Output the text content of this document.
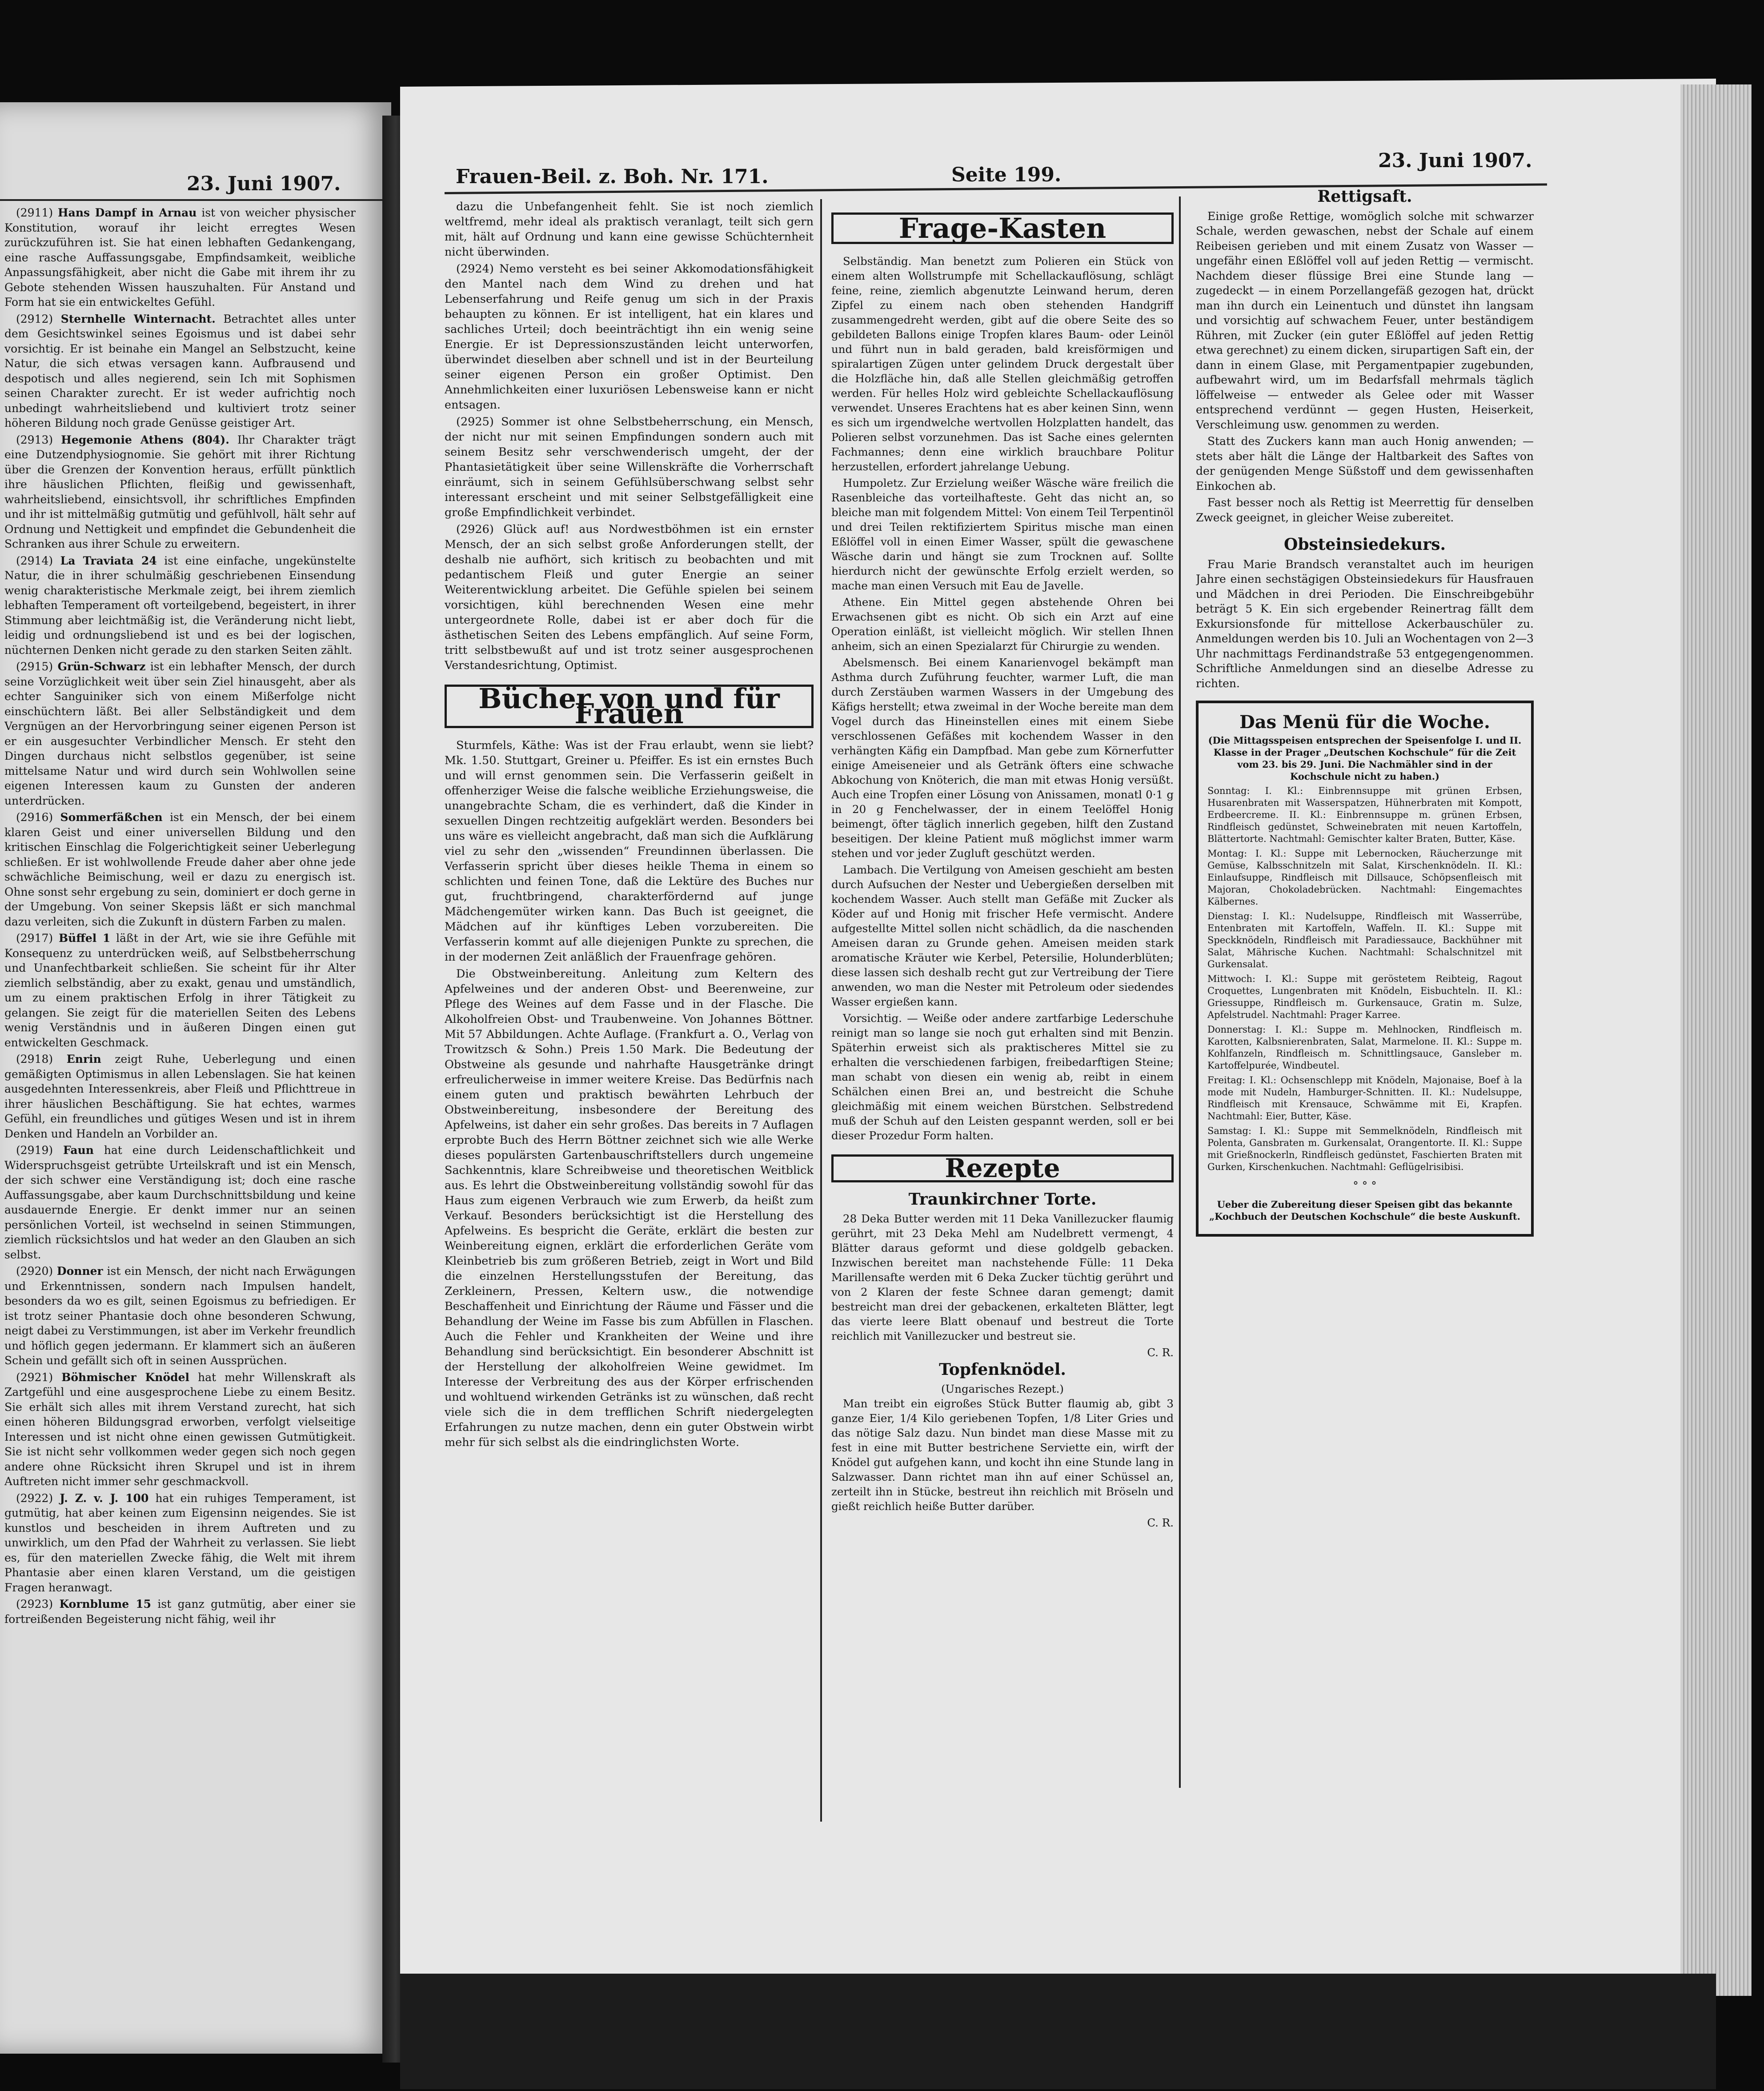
23. Juni 1907.

(2911) Hans Dampf in Arnau ist von weicher physischer Konstitution, worauf ihr leicht erregtes Wesen zurückzuführen ist. Sie hat einen lebhaften Gedankengang, eine rasche Auffassungsgabe, Empfindsamkeit, weibliche Anpassungsfähigkeit, aber nicht die Gabe mit ihrem ihr zu Gebote stehenden Wissen hauszuhalten. Für Anstand und Form hat sie ein entwickeltes Gefühl.

(2912) Sternhelle Winternacht. Betrachtet alles unter dem Gesichtswinkel seines Egoismus und ist dabei sehr vorsichtig. Er ist beinahe ein Mangel an Selbstzucht, keine Natur, die sich etwas versagen kann. Aufbrausend und despotisch und alles negierend, sein Ich mit Sophismen seinen Charakter zurecht. Er ist weder aufrichtig noch unbedingt wahrheitsliebend und kultiviert trotz seiner höheren Bildung noch grade Genüsse geistiger Art.

(2913) Hegemonie Athens (804). Ihr Charakter trägt eine Dutzendphysiognomie. Sie gehört mit ihrer Richtung über die Grenzen der Konvention heraus, erfüllt pünktlich ihre häuslichen Pflichten, fleißig und gewissenhaft, wahrheitsliebend, einsichtsvoll, ihr schriftliches Empfinden und ihr ist mittelmäßig gutmütig und gefühlvoll, hält sehr auf Ordnung und Nettigkeit und empfindet die Gebundenheit die Schranken aus ihrer Schule zu erweitern.

(2914) La Traviata 24 ist eine einfache, ungekünstelte Natur, die in ihrer schulmäßig geschriebenen Einsendung wenig charakteristische Merkmale zeigt, bei ihrem ziemlich lebhaften Temperament oft vorteilgebend, begeistert, in ihrer Stimmung aber leichtmäßig ist, die Veränderung nicht liebt, leidig und ordnungsliebend ist und es bei der logischen, nüchternen Denken nicht gerade zu den starken Seiten zählt.

(2915) Grün-Schwarz ist ein lebhafter Mensch, der durch seine Vorzüglichkeit weit über sein Ziel hinausgeht, aber als echter Sanguiniker sich von einem Mißerfolge nicht einschüchtern läßt. Bei aller Selbständigkeit und dem Vergnügen an der Hervorbringung seiner eigenen Person ist er ein ausgesuchter Verbindlicher Mensch. Er steht den Dingen durchaus nicht selbstlos gegenüber, ist seine mittelsame Natur und wird durch sein Wohlwollen seine eigenen Interessen kaum zu Gunsten der anderen unterdrücken.

(2916) Sommerfäßchen ist ein Mensch, der bei einem klaren Geist und einer universellen Bildung und den kritischen Einschlag die Folgerichtigkeit seiner Ueberlegung schließen. Er ist wohlwollende Freude daher aber ohne jede schwächliche Beimischung, weil er dazu zu energisch ist. Ohne sonst sehr ergebung zu sein, dominiert er doch gerne in der Umgebung. Von seiner Skepsis läßt er sich manchmal dazu verleiten, sich die Zukunft in düstern Farben zu malen.

(2917) Büffel 1 läßt in der Art, wie sie ihre Gefühle mit Konsequenz zu unterdrücken weiß, auf Selbstbeherrschung und Unanfechtbarkeit schließen. Sie scheint für ihr Alter ziemlich selbständig, aber zu exakt, genau und umständlich, um zu einem praktischen Erfolg in ihrer Tätigkeit zu gelangen. Sie zeigt für die materiellen Seiten des Lebens wenig Verständnis und in äußeren Dingen einen gut entwickelten Geschmack.

(2918) Enrin zeigt Ruhe, Ueberlegung und einen gemäßigten Optimismus in allen Lebenslagen. Sie hat keinen ausgedehnten Interessenkreis, aber Fleiß und Pflichttreue in ihrer häuslichen Beschäftigung. Sie hat echtes, warmes Gefühl, ein freundliches und gütiges Wesen und ist in ihrem Denken und Handeln an Vorbilder an.

(2919) Faun hat eine durch Leidenschaftlichkeit und Widerspruchsgeist getrübte Urteilskraft und ist ein Mensch, der sich schwer eine Verständigung ist; doch eine rasche Auffassungsgabe, aber kaum Durchschnittsbildung und keine ausdauernde Energie. Er denkt immer nur an seinen persönlichen Vorteil, ist wechselnd in seinen Stimmungen, ziemlich rücksichtslos und hat weder an den Glauben an sich selbst.

(2920) Donner ist ein Mensch, der nicht nach Erwägungen und Erkenntnissen, sondern nach Impulsen handelt, besonders da wo es gilt, seinen Egoismus zu befriedigen. Er ist trotz seiner Phantasie doch ohne besonderen Schwung, neigt dabei zu Verstimmungen, ist aber im Verkehr freundlich und höflich gegen jedermann. Er klammert sich an äußeren Schein und gefällt sich oft in seinen Aussprüchen.

(2921) Böhmischer Knödel hat mehr Willenskraft als Zartgefühl und eine ausgesprochene Liebe zu einem Besitz. Sie erhält sich alles mit ihrem Verstand zurecht, hat sich einen höheren Bildungsgrad erworben, verfolgt vielseitige Interessen und ist nicht ohne einen gewissen Gutmütigkeit. Sie ist nicht sehr vollkommen weder gegen sich noch gegen andere ohne Rücksicht ihren Skrupel und ist in ihrem Auftreten nicht immer sehr geschmackvoll.

(2922) J. Z. v. J. 100 hat ein ruhiges Temperament, ist gutmütig, hat aber keinen zum Eigensinn neigendes. Sie ist kunstlos und bescheiden in ihrem Auftreten und zu unwirklich, um den Pfad der Wahrheit zu verlassen. Sie liebt es, für den materiellen Zwecke fähig, die Welt mit ihrem Phantasie aber einen klaren Verstand, um die geistigen Fragen heranwagt.

(2923) Kornblume 15 ist ganz gutmütig, aber einer sie fortreißenden Begeisterung nicht fähig, weil ihr

Frauen-Beil. z. Boh. Nr. 171.	Seite 199.
23. Juni 1907.

dazu die Unbefangenheit fehlt. Sie ist noch ziemlich weltfremd, mehr ideal als praktisch veranlagt, teilt sich gern mit, hält auf Ordnung und kann eine gewisse Schüchternheit nicht überwinden.

(2924) Nemo versteht es bei seiner Akkomodationsfähigkeit den Mantel nach dem Wind zu drehen und hat Lebenserfahrung und Reife genug um sich in der Praxis behaupten zu können. Er ist intelligent, hat ein klares und sachliches Urteil; doch beeinträchtigt ihn ein wenig seine Energie. Er ist Depressionszuständen leicht unterworfen, überwindet dieselben aber schnell und ist in der Beurteilung seiner eigenen Person ein großer Optimist. Den Annehmlichkeiten einer luxuriösen Lebensweise kann er nicht entsagen.

(2925) Sommer ist ohne Selbstbeherrschung, ein Mensch, der nicht nur mit seinen Empfindungen sondern auch mit seinem Besitz sehr verschwenderisch umgeht, der der Phantasietätigkeit über seine Willenskräfte die Vorherrschaft einräumt, sich in seinem Gefühlsüberschwang selbst sehr interessant erscheint und mit seiner Selbstgefälligkeit eine große Empfindlichkeit verbindet.

(2926) Glück auf! aus Nordwestböhmen ist ein ernster Mensch, der an sich selbst große Anforderungen stellt, der deshalb nie aufhört, sich kritisch zu beobachten und mit pedantischem Fleiß und guter Energie an seiner Weiterentwicklung arbeitet. Die Gefühle spielen bei seinem vorsichtigen, kühl berechnenden Wesen eine mehr untergeordnete Rolle, dabei ist er aber doch für die ästhetischen Seiten des Lebens empfänglich. Auf seine Form, tritt selbstbewußt auf und ist trotz seiner ausgesprochenen Verstandesrichtung, Optimist.

Bücher von und für Frauen

Sturmfels, Käthe: Was ist der Frau erlaubt, wenn sie liebt? Mk. 1.50. Stuttgart, Greiner u. Pfeiffer. Es ist ein ernstes Buch und will ernst genommen sein. Die Verfasserin geißelt in offenherziger Weise die falsche weibliche Erziehungsweise, die unangebrachte Scham, die es verhindert, daß die Kinder in sexuellen Dingen rechtzeitig aufgeklärt werden. Besonders bei uns wäre es vielleicht angebracht, daß man sich die Aufklärung viel zu sehr den „wissenden“ Freundinnen überlassen. Die Verfasserin spricht über dieses heikle Thema in einem so schlichten und feinen Tone, daß die Lektüre des Buches nur gut, fruchtbringend, charakterfördernd auf junge Mädchengemüter wirken kann. Das Buch ist geeignet, die Mädchen auf ihr künftiges Leben vorzubereiten. Die Verfasserin kommt auf alle diejenigen Punkte zu sprechen, die in der modernen Zeit anläßlich der Frauenfrage gehören.

Die Obstweinbereitung. Anleitung zum Keltern des Apfelweines und der anderen Obst- und Beerenweine, zur Pflege des Weines auf dem Fasse und in der Flasche. Die Alkoholfreien Obst- und Traubenweine. Von Johannes Böttner. Mit 57 Abbildungen. Achte Auflage. (Frankfurt a. O., Verlag von Trowitzsch & Sohn.) Preis 1.50 Mark. Die Bedeutung der Obstweine als gesunde und nahrhafte Hausgetränke dringt erfreulicherweise in immer weitere Kreise. Das Bedürfnis nach einem guten und praktisch bewährten Lehrbuch der Obstweinbereitung, insbesondere der Bereitung des Apfelweins, ist daher ein sehr großes. Das bereits in 7 Auflagen erprobte Buch des Herrn Böttner zeichnet sich wie alle Werke dieses populärsten Gartenbauschriftstellers durch ungemeine Sachkenntnis, klare Schreibweise und theoretischen Weitblick aus. Es lehrt die Obstweinbereitung vollständig sowohl für das Haus zum eigenen Verbrauch wie zum Erwerb, da heißt zum Verkauf. Besonders berücksichtigt ist die Herstellung des Apfelweins. Es bespricht die Geräte, erklärt die besten zur Weinbereitung eignen, erklärt die erforderlichen Geräte vom Kleinbetrieb bis zum größeren Betrieb, zeigt in Wort und Bild die einzelnen Herstellungsstufen der Bereitung, das Zerkleinern, Pressen, Keltern usw., die notwendige Beschaffenheit und Einrichtung der Räume und Fässer und die Behandlung der Weine im Fasse bis zum Abfüllen in Flaschen. Auch die Fehler und Krankheiten der Weine und ihre Behandlung sind berücksichtigt. Ein besonderer Abschnitt ist der Herstellung der alkoholfreien Weine gewidmet. Im Interesse der Verbreitung des aus der Körper erfrischenden und wohltuend wirkenden Getränks ist zu wünschen, daß recht viele sich die in dem trefflichen Schrift niedergelegten Erfahrungen zu nutze machen, denn ein guter Obstwein wirbt mehr für sich selbst als die eindringlichsten Worte.

Frage-Kasten

Selbständig. Man benetzt zum Polieren ein Stück von einem alten Wollstrumpfe mit Schellackauflösung, schlägt feine, reine, ziemlich abgenutzte Leinwand herum, deren Zipfel zu einem nach oben stehenden Handgriff zusammengedreht werden, gibt auf die obere Seite des so gebildeten Ballons einige Tropfen klares Baum- oder Leinöl und führt nun in bald geraden, bald kreisförmigen und spiralartigen Zügen unter gelindem Druck dergestalt über die Holzfläche hin, daß alle Stellen gleichmäßig getroffen werden. Für helles Holz wird gebleichte Schellackauflösung verwendet. Unseres Erachtens hat es aber keinen Sinn, wenn es sich um irgendwelche wertvollen Holzplatten handelt, das Polieren selbst vorzunehmen. Das ist Sache eines gelernten Fachmannes; denn eine wirklich brauchbare Politur herzustellen, erfordert jahrelange Uebung.

Humpoletz. Zur Erzielung weißer Wäsche wäre freilich die Rasenbleiche das vorteilhafteste. Geht das nicht an, so bleiche man mit folgendem Mittel: Von einem Teil Terpentinöl und drei Teilen rektifiziertem Spiritus mische man einen Eßlöffel voll in einen Eimer Wasser, spült die gewaschene Wäsche darin und hängt sie zum Trocknen auf. Sollte hierdurch nicht der gewünschte Erfolg erzielt werden, so mache man einen Versuch mit Eau de Javelle.

Athene. Ein Mittel gegen abstehende Ohren bei Erwachsenen gibt es nicht. Ob sich ein Arzt auf eine Operation einläßt, ist vielleicht möglich. Wir stellen Ihnen anheim, sich an einen Spezialarzt für Chirurgie zu wenden.

Abelsmensch. Bei einem Kanarienvogel bekämpft man Asthma durch Zuführung feuchter, warmer Luft, die man durch Zerstäuben warmen Wassers in der Umgebung des Käfigs herstellt; etwa zweimal in der Woche bereite man dem Vogel durch das Hineinstellen eines mit einem Siebe verschlossenen Gefäßes mit kochendem Wasser in den verhängten Käfig ein Dampfbad. Man gebe zum Körnerfutter einige Ameiseneier und als Getränk öfters eine schwache Abkochung von Knöterich, die man mit etwas Honig versüßt. Auch eine Tropfen einer Lösung von Anissamen, monatl 0·1 g in 20 g Fenchelwasser, der in einem Teelöffel Honig beimengt, öfter täglich innerlich gegeben, hilft den Zustand beseitigen. Der kleine Patient muß möglichst immer warm stehen und vor jeder Zugluft geschützt werden.

Lambach. Die Vertilgung von Ameisen geschieht am besten durch Aufsuchen der Nester und Uebergießen derselben mit kochendem Wasser. Auch stellt man Gefäße mit Zucker als Köder auf und Honig mit frischer Hefe vermischt. Andere aufgestellte Mittel sollen nicht schädlich, da die naschenden Ameisen daran zu Grunde gehen. Ameisen meiden stark aromatische Kräuter wie Kerbel, Petersilie, Holunderblüten; diese lassen sich deshalb recht gut zur Vertreibung der Tiere anwenden, wo man die Nester mit Petroleum oder siedendes Wasser ergießen kann.

Vorsichtig. — Weiße oder andere zartfarbige Lederschuhe reinigt man so lange sie noch gut erhalten sind mit Benzin. Späterhin erweist sich als praktischeres Mittel sie zu erhalten die verschiedenen farbigen, freibedarftigen Steine; man schabt von diesen ein wenig ab, reibt in einem Schälchen einen Brei an, und bestreicht die Schuhe gleichmäßig mit einem weichen Bürstchen. Selbstredend muß der Schuh auf den Leisten gespannt werden, soll er bei dieser Prozedur Form halten.

Rezepte
Traunkirchner Torte.

28 Deka Butter werden mit 11 Deka Vanillezucker flaumig gerührt, mit 23 Deka Mehl am Nudelbrett vermengt, 4 Blätter daraus geformt und diese goldgelb gebacken. Inzwischen bereitet man nachstehende Fülle: 11 Deka Marillensafte werden mit 6 Deka Zucker tüchtig gerührt und von 2 Klaren der feste Schnee daran gemengt; damit bestreicht man drei der gebackenen, erkalteten Blätter, legt das vierte leere Blatt obenauf und bestreut die Torte reichlich mit Vanillezucker und bestreut sie.

C. R.
Topfenknödel.
(Ungarisches Rezept.)

Man treibt ein eigroßes Stück Butter flaumig ab, gibt 3 ganze Eier, 1/4 Kilo geriebenen Topfen, 1/8 Liter Gries und das nötige Salz dazu. Nun bindet man diese Masse mit zu fest in eine mit Butter bestrichene Serviette ein, wirft der Knödel gut aufgehen kann, und kocht ihn eine Stunde lang in Salzwasser. Dann richtet man ihn auf einer Schüssel an, zerteilt ihn in Stücke, bestreut ihn reichlich mit Bröseln und gießt reichlich heiße Butter darüber.

C. R.
Rettigsaft.

Einige große Rettige, womöglich solche mit schwarzer Schale, werden gewaschen, nebst der Schale auf einem Reibeisen gerieben und mit einem Zusatz von Wasser — ungefähr einen Eßlöffel voll auf jeden Rettig — vermischt. Nachdem dieser flüssige Brei eine Stunde lang — zugedeckt — in einem Porzellangefäß gezogen hat, drückt man ihn durch ein Leinentuch und dünstet ihn langsam und vorsichtig auf schwachem Feuer, unter beständigem Rühren, mit Zucker (ein guter Eßlöffel auf jeden Rettig etwa gerechnet) zu einem dicken, sirupartigen Saft ein, der dann in einem Glase, mit Pergamentpapier zugebunden, aufbewahrt wird, um im Bedarfsfall mehrmals täglich löffelweise — entweder als Gelee oder mit Wasser entsprechend verdünnt — gegen Husten, Heiserkeit, Verschleimung usw. genommen zu werden.

Statt des Zuckers kann man auch Honig anwenden; — stets aber hält die Länge der Haltbarkeit des Saftes von der genügenden Menge Süßstoff und dem gewissenhaften Einkochen ab.

Fast besser noch als Rettig ist Meerrettig für denselben Zweck geeignet, in gleicher Weise zubereitet.

Obsteinsiedekurs.

Frau Marie Brandsch veranstaltet auch im heurigen Jahre einen sechstägigen Obsteinsiedekurs für Hausfrauen und Mädchen in drei Perioden. Die Einschreibgebühr beträgt 5 K. Ein sich ergebender Reinertrag fällt dem Exkursionsfonde für mittellose Ackerbauschüler zu. Anmeldungen werden bis 10. Juli an Wochentagen von 2—3 Uhr nachmittags Ferdinandstraße 53 entgegengenommen. Schriftliche Anmeldungen sind an dieselbe Adresse zu richten.

Das Menü für die Woche.

(Die Mittagsspeisen entsprechen der Speisenfolge I. und II. Klasse in der Prager „Deutschen Kochschule“ für die Zeit vom 23. bis 29. Juni. Die Nachmähler sind in der Kochschule nicht zu haben.)

Sonntag: I. Kl.: Einbrennsuppe mit grünen Erbsen, Husarenbraten mit Wasserspatzen, Hühnerbraten mit Kompott, Erdbeercreme. II. Kl.: Einbrennsuppe m. grünen Erbsen, Rindfleisch gedünstet, Schweinebraten mit neuen Kartoffeln, Blättertorte. Nachtmahl: Gemischter kalter Braten, Butter, Käse.

Montag: I. Kl.: Suppe mit Lebernocken, Räucherzunge mit Gemüse, Kalbsschnitzeln mit Salat, Kirschenknödeln. II. Kl.: Einlaufsuppe, Rindfleisch mit Dillsauce, Schöpsenfleisch mit Majoran, Chokoladebrücken. Nachtmahl: Eingemachtes Kälbernes.

Dienstag: I. Kl.: Nudelsuppe, Rindfleisch mit Wasserrübe, Entenbraten mit Kartoffeln, Waffeln. II. Kl.: Suppe mit Speckknödeln, Rindfleisch mit Paradiessauce, Backhühner mit Salat, Mährische Kuchen. Nachtmahl: Schalschnitzel mit Gurkensalat.

Mittwoch: I. Kl.: Suppe mit geröstetem Reibteig, Ragout Croquettes, Lungenbraten mit Knödeln, Eisbuchteln. II. Kl.: Griessuppe, Rindfleisch m. Gurkensauce, Gratin m. Sulze, Apfelstrudel. Nachtmahl: Prager Karree.

Donnerstag: I. Kl.: Suppe m. Mehlnocken, Rindfleisch m. Karotten, Kalbsnierenbraten, Salat, Marmelone. II. Kl.: Suppe m. Kohlfanzeln, Rindfleisch m. Schnittlingsauce, Gansleber m. Kartoffelpurée, Windbeutel.

Freitag: I. Kl.: Ochsenschlepp mit Knödeln, Majonaise, Boef à la mode mit Nudeln, Hamburger-Schnitten. II. Kl.: Nudelsuppe, Rindfleisch mit Krensauce, Schwämme mit Ei, Krapfen. Nachtmahl: Eier, Butter, Käse.

Samstag: I. Kl.: Suppe mit Semmelknödeln, Rindfleisch mit Polenta, Gansbraten m. Gurkensalat, Orangentorte. II. Kl.: Suppe mit Grießnockerln, Rindfleisch gedünstet, Faschierten Braten mit Gurken, Kirschenkuchen. Nachtmahl: Geflügelrisibisi.

° ° °

Ueber die Zubereitung dieser Speisen gibt das bekannte „Kochbuch der Deutschen Kochschule“ die beste Auskunft.
